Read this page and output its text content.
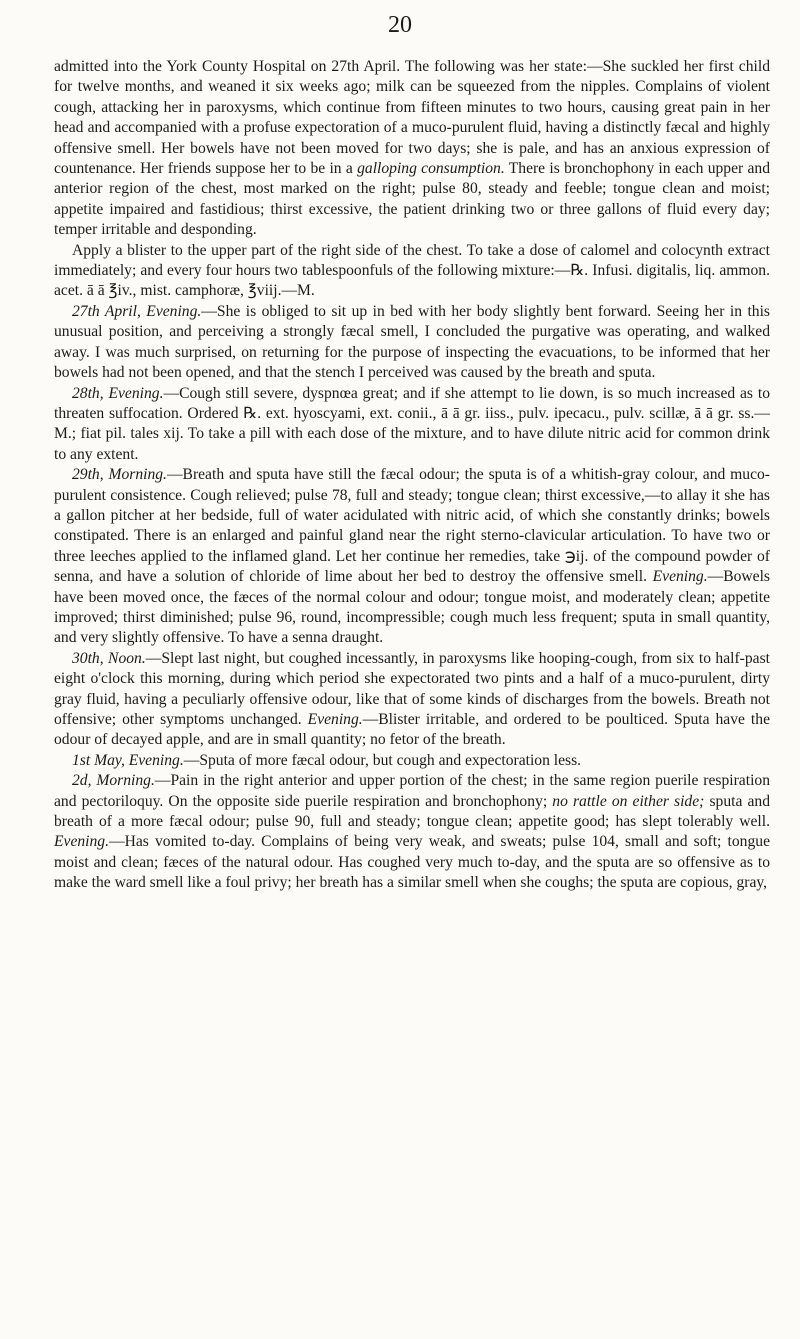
20

admitted into the York County Hospital on 27th April. The following was her state:—She suckled her first child for twelve months, and weaned it six weeks ago; milk can be squeezed from the nipples. Complains of violent cough, attacking her in paroxysms, which continue from fifteen minutes to two hours, causing great pain in her head and accompanied with a profuse expectoration of a muco-purulent fluid, having a distinctly fæcal and highly offensive smell. Her bowels have not been moved for two days; she is pale, and has an anxious expression of countenance. Her friends suppose her to be in a galloping consumption. There is bronchophony in each upper and anterior region of the chest, most marked on the right; pulse 80, steady and feeble; tongue clean and moist; appetite impaired and fastidious; thirst excessive, the patient drinking two or three gallons of fluid every day; temper irritable and desponding.

Apply a blister to the upper part of the right side of the chest. To take a dose of calomel and colocynth extract immediately; and every four hours two tablespoonfuls of the following mixture:—℞. Infusi. digitalis, liq. ammon. acet. ā ā ℥iv., mist. camphoræ, ℥viij.—M.

27th April, Evening.—She is obliged to sit up in bed with her body slightly bent forward. Seeing her in this unusual position, and perceiving a strongly fæcal smell, I concluded the purgative was operating, and walked away. I was much surprised, on returning for the purpose of inspecting the evacuations, to be informed that her bowels had not been opened, and that the stench I perceived was caused by the breath and sputa.

28th, Evening.—Cough still severe, dyspnœa great; and if she attempt to lie down, is so much increased as to threaten suffocation. Ordered ℞. ext. hyoscyami, ext. conii., ā ā gr. iiss., pulv. ipecacu., pulv. scillæ, ā ā gr. ss.—M.; fiat pil. tales xij. To take a pill with each dose of the mixture, and to have dilute nitric acid for common drink to any extent.

29th, Morning.—Breath and sputa have still the fæcal odour; the sputa is of a whitish-gray colour, and muco-purulent consistence. Cough relieved; pulse 78, full and steady; tongue clean; thirst excessive,—to allay it she has a gallon pitcher at her bedside, full of water acidulated with nitric acid, of which she constantly drinks; bowels constipated. There is an enlarged and painful gland near the right sterno-clavicular articulation. To have two or three leeches applied to the inflamed gland. Let her continue her remedies, take ℈ij. of the compound powder of senna, and have a solution of chloride of lime about her bed to destroy the offensive smell. Evening.—Bowels have been moved once, the fæces of the normal colour and odour; tongue moist, and moderately clean; appetite improved; thirst diminished; pulse 96, round, incompressible; cough much less frequent; sputa in small quantity, and very slightly offensive. To have a senna draught.

30th, Noon.—Slept last night, but coughed incessantly, in paroxysms like hooping-cough, from six to half-past eight o'clock this morning, during which period she expectorated two pints and a half of a muco-purulent, dirty gray fluid, having a peculiarly offensive odour, like that of some kinds of discharges from the bowels. Breath not offensive; other symptoms unchanged. Evening.—Blister irritable, and ordered to be poulticed. Sputa have the odour of decayed apple, and are in small quantity; no fetor of the breath.

1st May, Evening.—Sputa of more fæcal odour, but cough and expectoration less.

2d, Morning.—Pain in the right anterior and upper portion of the chest; in the same region puerile respiration and pectoriloquy. On the opposite side puerile respiration and bronchophony; no rattle on either side; sputa and breath of a more fæcal odour; pulse 90, full and steady; tongue clean; appetite good; has slept tolerably well. Evening.—Has vomited to-day. Complains of being very weak, and sweats; pulse 104, small and soft; tongue moist and clean; fæces of the natural odour. Has coughed very much to-day, and the sputa are so offensive as to make the ward smell like a foul privy; her breath has a similar smell when she coughs; the sputa are copious, gray,
